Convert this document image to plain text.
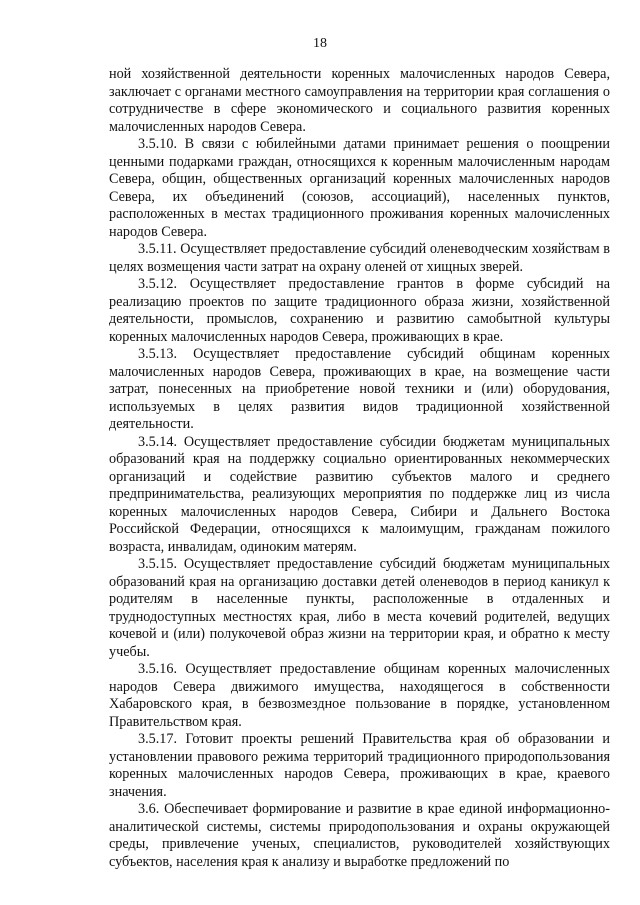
18

ной хозяйственной деятельности коренных малочисленных народов Севера, заключает с органами местного самоуправления на территории края соглашения о сотрудничестве в сфере экономического и социального развития коренных малочисленных народов Севера.

3.5.10. В связи с юбилейными датами принимает решения о поощрении ценными подарками граждан, относящихся к коренным малочисленным народам Севера, общин, общественных организаций коренных малочисленных народов Севера, их объединений (союзов, ассоциаций), населенных пунктов, расположенных в местах традиционного проживания коренных малочисленных народов Севера.

3.5.11. Осуществляет предоставление субсидий оленеводческим хозяйствам в целях возмещения части затрат на охрану оленей от хищных зверей.

3.5.12. Осуществляет предоставление грантов в форме субсидий на реализацию проектов по защите традиционного образа жизни, хозяйственной деятельности, промыслов, сохранению и развитию самобытной культуры коренных малочисленных народов Севера, проживающих в крае.

3.5.13. Осуществляет предоставление субсидий общинам коренных малочисленных народов Севера, проживающих в крае, на возмещение части затрат, понесенных на приобретение новой техники и (или) оборудования, используемых в целях развития видов традиционной хозяйственной деятельности.

3.5.14. Осуществляет предоставление субсидии бюджетам муниципальных образований края на поддержку социально ориентированных некоммерческих организаций и содействие развитию субъектов малого и среднего предпринимательства, реализующих мероприятия по поддержке лиц из числа коренных малочисленных народов Севера, Сибири и Дальнего Востока Российской Федерации, относящихся к малоимущим, гражданам пожилого возраста, инвалидам, одиноким матерям.

3.5.15. Осуществляет предоставление субсидий бюджетам муниципальных образований края на организацию доставки детей оленеводов в период каникул к родителям в населенные пункты, расположенные в отдаленных и труднодоступных местностях края, либо в места кочевий родителей, ведущих кочевой и (или) полукочевой образ жизни на территории края, и обратно к месту учебы.

3.5.16. Осуществляет предоставление общинам коренных малочисленных народов Севера движимого имущества, находящегося в собственности Хабаровского края, в безвозмездное пользование в порядке, установленном Правительством края.

3.5.17. Готовит проекты решений Правительства края об образовании и установлении правового режима территорий традиционного природопользования коренных малочисленных народов Севера, проживающих в крае, краевого значения.

3.6. Обеспечивает формирование и развитие в крае единой информационно-аналитической системы, системы природопользования и охраны окружающей среды, привлечение ученых, специалистов, руководителей хозяйствующих субъектов, населения края к анализу и выработке предложений по
